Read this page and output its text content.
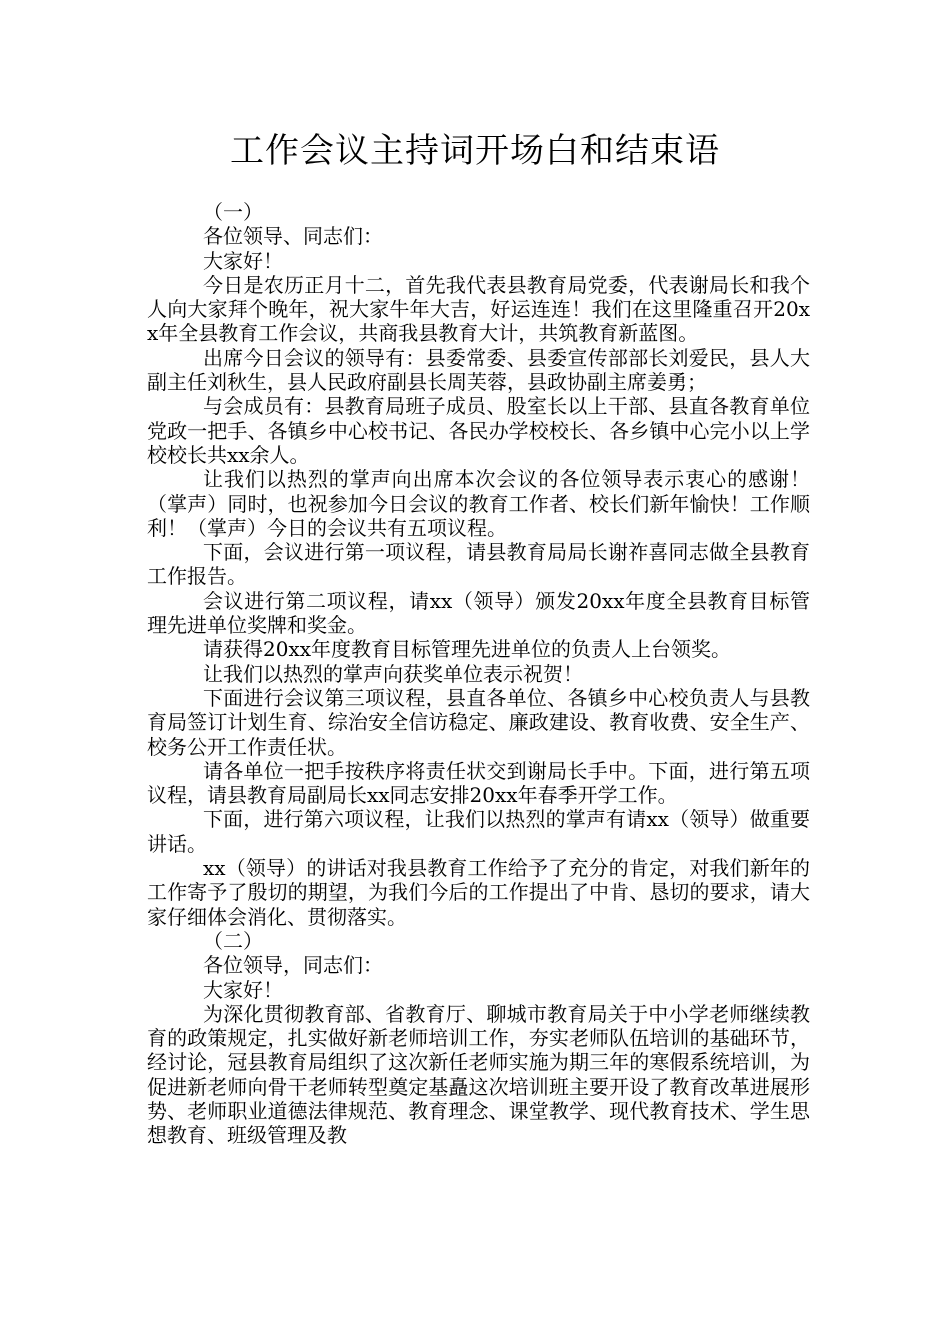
工作会议主持词开场白和结束语

（一）

各位领导、同志们：

大家好！

今日是农历正月十二，首先我代表县教育局党委，代表谢局长和我个人向大家拜个晚年，祝大家牛年大吉，好运连连！我们在这里隆重召开20xx年全县教育工作会议，共商我县教育大计，共筑教育新蓝图。

出席今日会议的领导有：县委常委、县委宣传部部长刘爱民，县人大副主任刘秋生，县人民政府副县长周芙蓉，县政协副主席姜勇；

与会成员有：县教育局班子成员、股室长以上干部、县直各教育单位党政一把手、各镇乡中心校书记、各民办学校校长、各乡镇中心完小以上学校校长共xx余人。

让我们以热烈的掌声向出席本次会议的各位领导表示衷心的感谢！（掌声）同时，也祝参加今日会议的教育工作者、校长们新年愉快！工作顺利！（掌声）今日的会议共有五项议程。

下面，会议进行第一项议程，请县教育局局长谢祚喜同志做全县教育工作报告。

会议进行第二项议程，请xx（领导）颁发20xx年度全县教育目标管理先进单位奖牌和奖金。

请获得20xx年度教育目标管理先进单位的负责人上台领奖。

让我们以热烈的掌声向获奖单位表示祝贺！

下面进行会议第三项议程，县直各单位、各镇乡中心校负责人与县教育局签订计划生育、综治安全信访稳定、廉政建设、教育收费、安全生产、校务公开工作责任状。

请各单位一把手按秩序将责任状交到谢局长手中。下面，进行第五项议程，请县教育局副局长xx同志安排20xx年春季开学工作。

下面，进行第六项议程，让我们以热烈的掌声有请xx（领导）做重要讲话。

xx（领导）的讲话对我县教育工作给予了充分的肯定，对我们新年的工作寄予了殷切的期望，为我们今后的工作提出了中肯、恳切的要求，请大家仔细体会消化、贯彻落实。

（二）

各位领导，同志们：

大家好！

为深化贯彻教育部、省教育厅、聊城市教育局关于中小学老师继续教育的政策规定，扎实做好新老师培训工作，夯实老师队伍培训的基础环节，经讨论，冠县教育局组织了这次新任老师实施为期三年的寒假系统培训，为促进新老师向骨干老师转型奠定基矗这次培训班主要开设了教育改革进展形势、老师职业道德法律规范、教育理念、课堂教学、现代教育技术、学生思想教育、班级管理及教
